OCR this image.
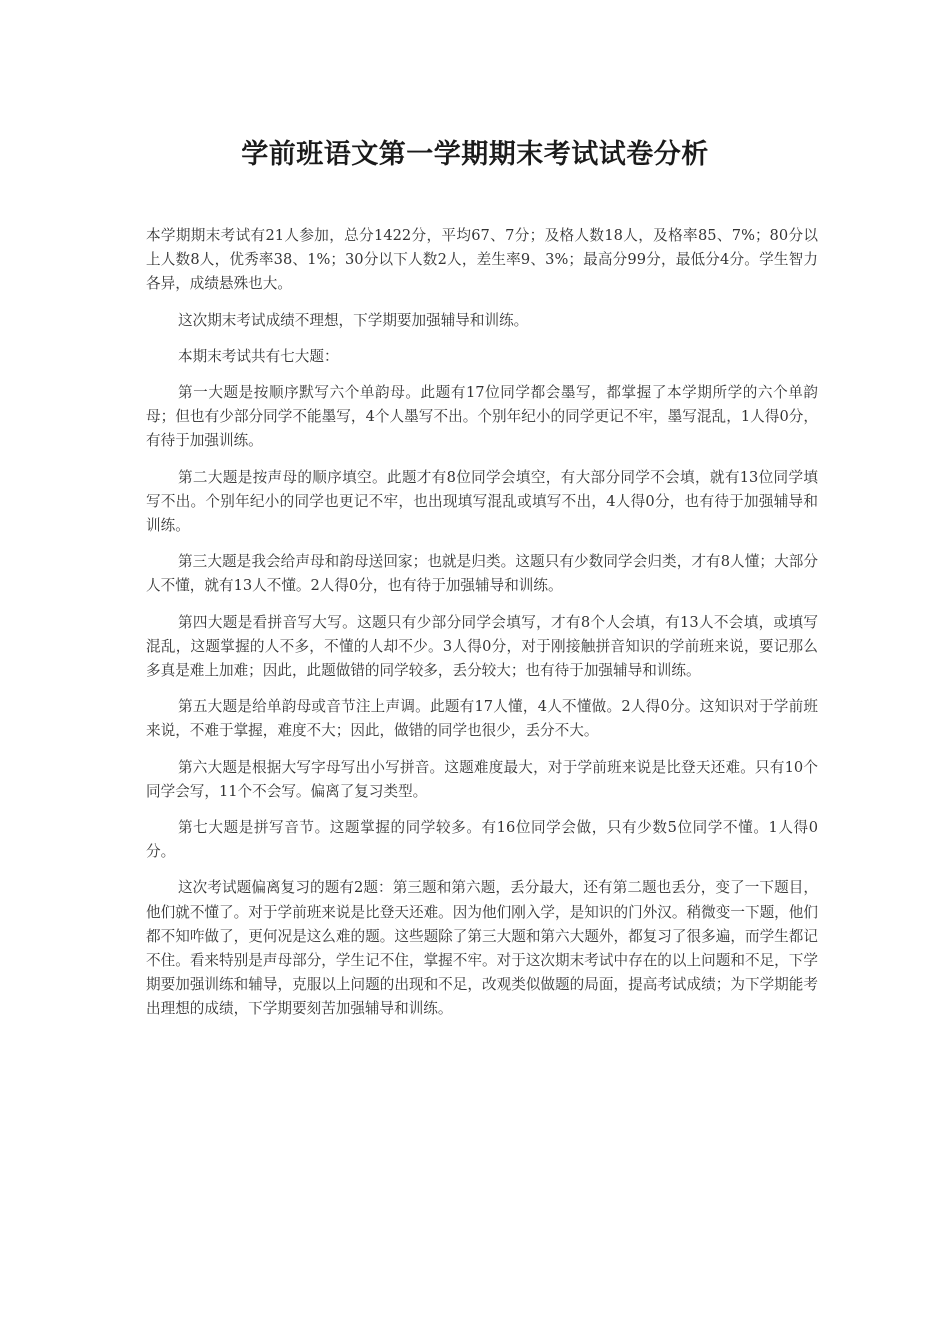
学前班语文第一学期期末考试试卷分析

本学期期末考试有21人参加，总分1422分，平均67、7分；及格人数18人，及格率85、7%；80分以上人数8人，优秀率38、1%；30分以下人数2人，差生率9、3%；最高分99分，最低分4分。学生智力各异，成绩悬殊也大。

这次期末考试成绩不理想，下学期要加强辅导和训练。

本期末考试共有七大题：

第一大题是按顺序默写六个单韵母。此题有17位同学都会墨写，都掌握了本学期所学的六个单韵母；但也有少部分同学不能墨写，4个人墨写不出。个别年纪小的同学更记不牢，墨写混乱，1人得0分，有待于加强训练。

第二大题是按声母的顺序填空。此题才有8位同学会填空，有大部分同学不会填，就有13位同学填写不出。个别年纪小的同学也更记不牢，也出现填写混乱或填写不出，4人得0分，也有待于加强辅导和训练。

第三大题是我会给声母和韵母送回家；也就是归类。这题只有少数同学会归类，才有8人懂；大部分人不懂，就有13人不懂。2人得0分，也有待于加强辅导和训练。

第四大题是看拼音写大写。这题只有少部分同学会填写，才有8个人会填，有13人不会填，或填写混乱，这题掌握的人不多，不懂的人却不少。3人得0分，对于刚接触拼音知识的学前班来说，要记那么多真是难上加难；因此，此题做错的同学较多，丢分较大；也有待于加强辅导和训练。

第五大题是给单韵母或音节注上声调。此题有17人懂，4人不懂做。2人得0分。这知识对于学前班来说，不难于掌握，难度不大；因此，做错的同学也很少，丢分不大。

第六大题是根据大写字母写出小写拼音。这题难度最大，对于学前班来说是比登天还难。只有10个同学会写，11个不会写。偏离了复习类型。

第七大题是拼写音节。这题掌握的同学较多。有16位同学会做，只有少数5位同学不懂。1人得0分。

这次考试题偏离复习的题有2题：第三题和第六题，丢分最大，还有第二题也丢分，变了一下题目，他们就不懂了。对于学前班来说是比登天还难。因为他们刚入学，是知识的门外汉。稍微变一下题，他们都不知咋做了，更何况是这么难的题。这些题除了第三大题和第六大题外，都复习了很多遍，而学生都记不住。看来特别是声母部分，学生记不住，掌握不牢。对于这次期末考试中存在的以上问题和不足，下学期要加强训练和辅导，克服以上问题的出现和不足，改观类似做题的局面，提高考试成绩；为下学期能考出理想的成绩，下学期要刻苦加强辅导和训练。
